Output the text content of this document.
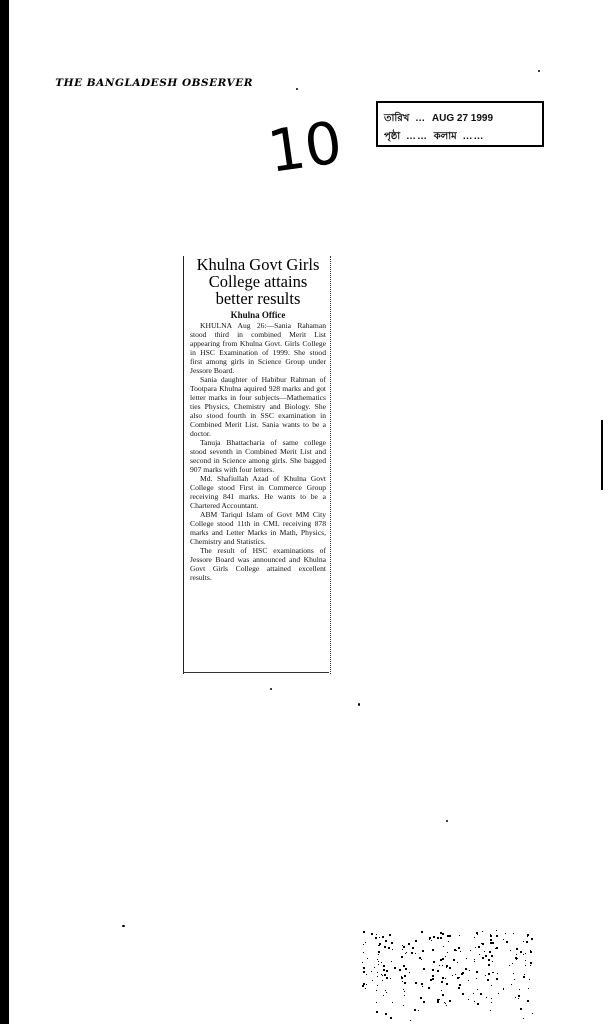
THE BANGLADESH OBSERVER
10	তারিখ … AUG 27 1999
পৃষ্ঠা …… কলাম ……
Khulna Govt Girls
College attains
better results
Khulna Office

KHULNA Aug 26:—Sania Rahaman stood third in combined Merit List appearing from Khulna Govt. Girls College in HSC Examination of 1999. She stood first among girls in Science Group under Jessore Board.

Sania daughter of Habibur Rahman of Tootpara Khulna aquired 928 marks and got letter marks in four subjects—Mathematics ties Physics, Chemistry and Biology. She also stood fourth in SSC examination in Combined Merit List. Sania wants to be a doctor.

Tanuja Bhattacharia of same college stood seventh in Combined Merit List and second in Science among girls. She bagged 907 marks with four letters.

Md. Shafiullah Azad of Khulna Govt College stood First in Commerce Group receiving 841 marks. He wants to be a Chartered Accountant.

ABM Tariqul Islam of Govt MM City College stood 11th in CML receiving 878 marks and Letter Marks in Math, Physics, Chemistry and Statistics.

The result of HSC examinations of Jessore Board was announced and Khulna Govt Girls College attained excellent results.
